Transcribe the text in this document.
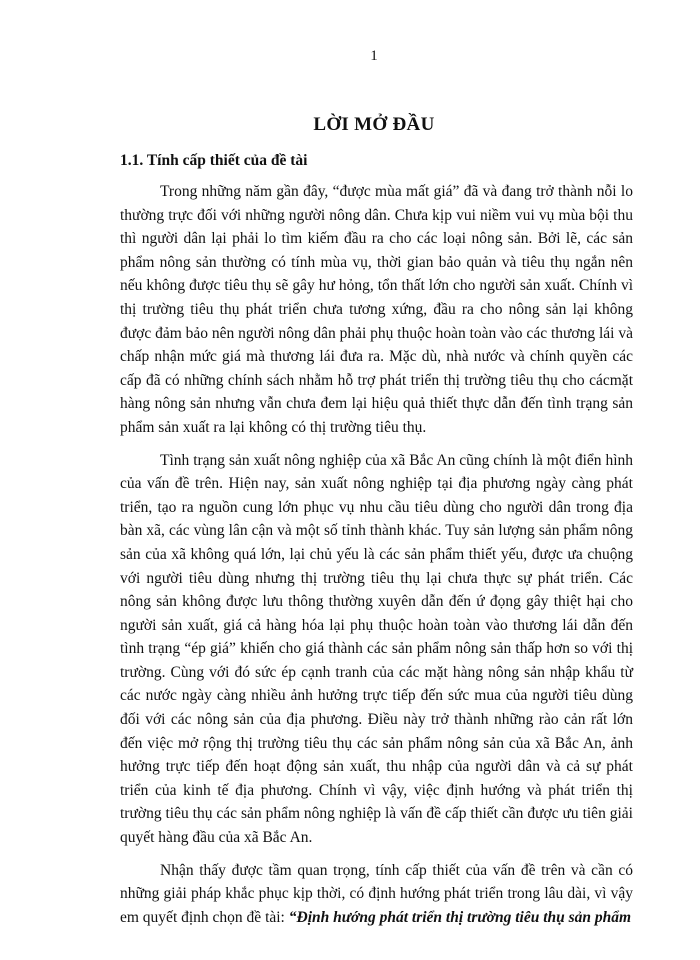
1
LỜI MỞ ĐẦU
1.1. Tính cấp thiết của đề tài

Trong những năm gần đây, “được mùa mất giá” đã và đang trở thành nỗi lo thường trực đối với những người nông dân. Chưa kịp vui niềm vui vụ mùa bội thu thì người dân lại phải lo tìm kiếm đầu ra cho các loại nông sản. Bởi lẽ, các sản phẩm nông sản thường có tính mùa vụ, thời gian bảo quản và tiêu thụ ngắn nên nếu không được tiêu thụ sẽ gây hư hỏng, tổn thất lớn cho người sản xuất. Chính vì thị trường tiêu thụ phát triển chưa tương xứng, đầu ra cho nông sản lại không được đảm bảo nên người nông dân phải phụ thuộc hoàn toàn vào các thương lái và chấp nhận mức giá mà thương lái đưa ra. Mặc dù, nhà nước và chính quyền các cấp đã có những chính sách nhằm hỗ trợ phát triển thị trường tiêu thụ cho cácmặt hàng nông sản nhưng vẫn chưa đem lại hiệu quả thiết thực dẫn đến tình trạng sản phẩm sản xuất ra lại không có thị trường tiêu thụ.

Tình trạng sản xuất nông nghiệp của xã Bắc An cũng chính là một điển hình của vấn đề trên. Hiện nay, sản xuất nông nghiệp tại địa phương ngày càng phát triển, tạo ra nguồn cung lớn phục vụ nhu cầu tiêu dùng cho người dân trong địa bàn xã, các vùng lân cận và một số tỉnh thành khác. Tuy sản lượng sản phẩm nông sản của xã không quá lớn, lại chủ yếu là các sản phẩm thiết yếu, được ưa chuộng với người tiêu dùng nhưng thị trường tiêu thụ lại chưa thực sự phát triển. Các nông sản không được lưu thông thường xuyên dẫn đến ứ đọng gây thiệt hại cho người sản xuất, giá cả hàng hóa lại phụ thuộc hoàn toàn vào thương lái dẫn đến tình trạng “ép giá” khiến cho giá thành các sản phẩm nông sản thấp hơn so với thị trường. Cùng với đó sức ép cạnh tranh của các mặt hàng nông sản nhập khẩu từ các nước ngày càng nhiều ảnh hưởng trực tiếp đến sức mua của người tiêu dùng đối với các nông sản của địa phương. Điều này trở thành những rào cản rất lớn đến việc mở rộng thị trường tiêu thụ các sản phẩm nông sản của xã Bắc An, ảnh hưởng trực tiếp đến hoạt động sản xuất, thu nhập của người dân và cả sự phát triển của kinh tế địa phương. Chính vì vậy, việc định hướng và phát triển thị trường tiêu thụ các sản phẩm nông nghiệp là vấn đề cấp thiết cần được ưu tiên giải quyết hàng đầu của xã Bắc An.

Nhận thấy được tầm quan trọng, tính cấp thiết của vấn đề trên và cần có những giải pháp khắc phục kịp thời, có định hướng phát triển trong lâu dài, vì vậy em quyết định chọn đề tài: “Định hướng phát triển thị trường tiêu thụ sản phẩm
